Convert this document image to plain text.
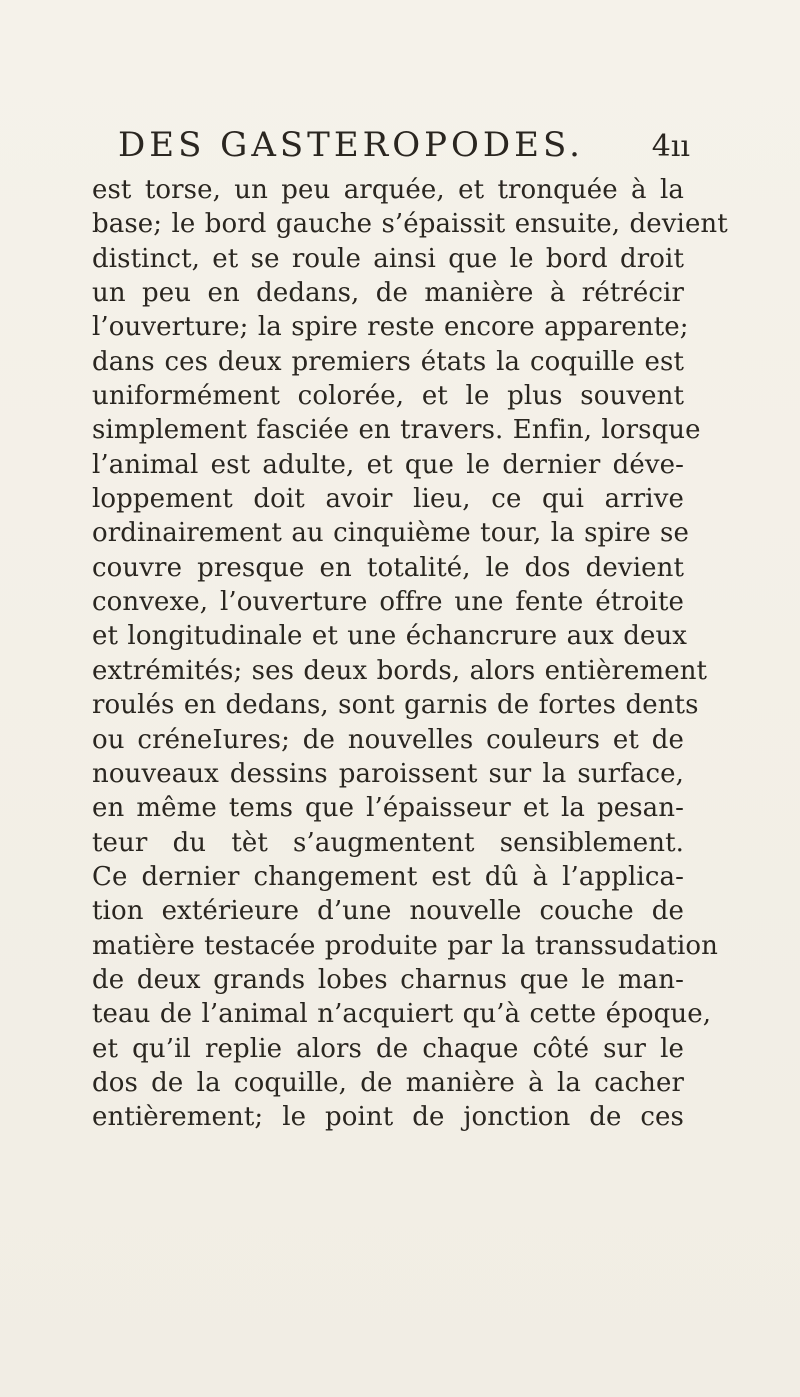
DES GASTEROPODES. 4ıı
est torse, un peu arquée, et tronquée à la
base; le bord gauche s’épaissit ensuite, devient
distinct, et se roule ainsi que le bord droit
un peu en dedans, de manière à rétrécir
l’ouverture; la spire reste encore apparente;
dans ces deux premiers états la coquille est
uniformément colorée, et le plus souvent
simplement fasciée en travers. Enfin, lorsque
l’animal est adulte, et que le dernier déve-
loppement doit avoir lieu, ce qui arrive
ordinairement au cinquième tour, la spire se
couvre presque en totalité, le dos devient
convexe, l’ouverture offre une fente étroite
et longitudinale et une échancrure aux deux
extrémités; ses deux bords, alors entièrement
roulés en dedans, sont garnis de fortes dents
ou créneIures; de nouvelles couleurs et de
nouveaux dessins paroissent sur la surface,
en même tems que l’épaisseur et la pesan-
teur du tèt s’augmentent sensiblement.
Ce dernier changement est dû à l’applica-
tion extérieure d’une nouvelle couche de
matière testacée produite par la transsudation
de deux grands lobes charnus que le man-
teau de l’animal n’acquiert qu’à cette époque,
et qu’il replie alors de chaque côté sur le
dos de la coquille, de manière à la cacher
entièrement; le point de jonction de ces
